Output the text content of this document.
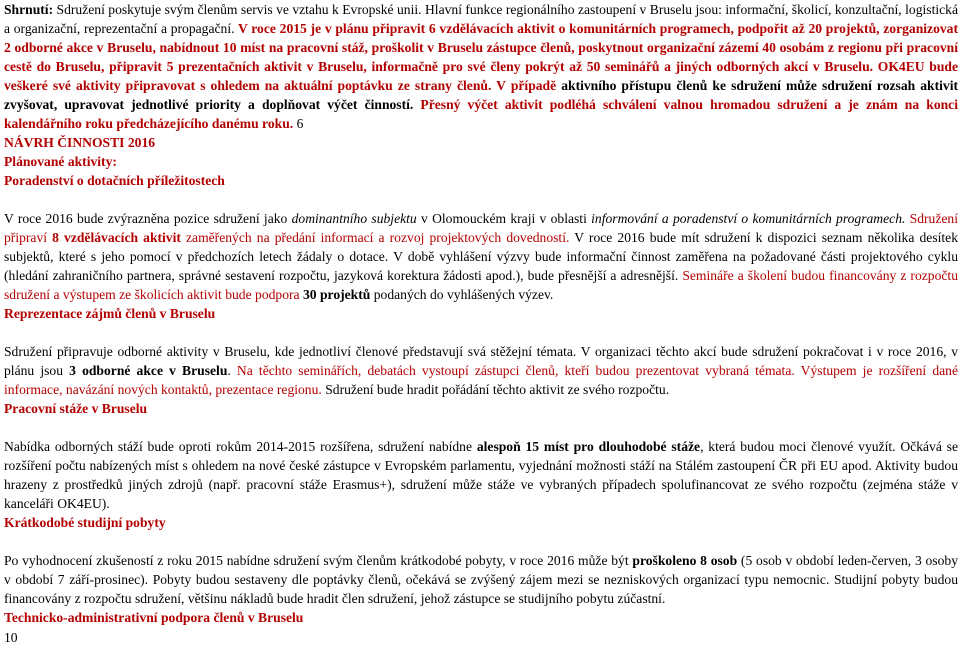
Shrnutí: Sdružení poskytuje svým členům servis ve vztahu k Evropské unii. Hlavní funkce regionálního zastoupení v Bruselu jsou: informační, školicí, konzultační, logistická a organizační, reprezentační a propagační. V roce 2015 je v plánu připravit 6 vzdělávacích aktivit o komunitárních programech, podpořit až 20 projektů, zorganizovat 2 odborné akce v Bruselu, nabídnout 10 míst na pracovní stáž, proškolit v Bruselu zástupce členů, poskytnout organizační zázemí 40 osobám z regionu při pracovní cestě do Bruselu, připravit 5 prezentačních aktivit v Bruselu, informačně pro své členy pokrýt až 50 seminářů a jiných odborných akcí v Bruselu. OK4EU bude veškeré své aktivity připravovat s ohledem na aktuální poptávku ze strany členů. V případě aktivního přístupu členů ke sdružení může sdružení rozsah aktivit zvyšovat, upravovat jednotlivé priority a doplňovat výčet činností. Přesný výčet aktivit podléhá schválení valnou hromadou sdružení a je znám na konci kalendářního roku předcházejícího danému roku. 6

NÁVRH ČINNOSTI 2016
Plánované aktivity:
Poradenství o dotačních příležitostech

V roce 2016 bude zvýrazněna pozice sdružení jako dominantního subjektu v Olomouckém kraji v oblasti informování a poradenství o komunitárních programech. Sdružení připraví 8 vzdělávacích aktivit zaměřených na předání informací a rozvoj projektových dovedností. V roce 2016 bude mít sdružení k dispozici seznam několika desítek subjektů, které s jeho pomocí v předchozích letech žádaly o dotace. V době vyhlášení výzvy bude informační činnost zaměřena na požadované části projektového cyklu (hledání zahraničního partnera, správné sestavení rozpočtu, jazyková korektura žádosti apod.), bude přesnější a adresnější. Semináře a školení budou financovány z rozpočtu sdružení a výstupem ze školicích aktivit bude podpora 30 projektů podaných do vyhlášených výzev.

Reprezentace zájmů členů v Bruselu

Sdružení připravuje odborné aktivity v Bruselu, kde jednotliví členové představují svá stěžejní témata. V organizaci těchto akcí bude sdružení pokračovat i v roce 2016, v plánu jsou 3 odborné akce v Bruselu. Na těchto seminářích, debatách vystoupí zástupci členů, kteří budou prezentovat vybraná témata. Výstupem je rozšíření dané informace, navázání nových kontaktů, prezentace regionu. Sdružení bude hradit pořádání těchto aktivit ze svého rozpočtu.

Pracovní stáže v Bruselu

Nabídka odborných stáží bude oproti rokům 2014-2015 rozšířena, sdružení nabídne alespoň 15 míst pro dlouhodobé stáže, která budou moci členové využít. Očkává se rozšíření počtu nabízených míst s ohledem na nové české zástupce v Evropském parlamentu, vyjednání možnosti stáží na Stálém zastoupení ČR při EU apod. Aktivity budou hrazeny z prostředků jiných zdrojů (např. pracovní stáže Erasmus+), sdružení může stáže ve vybraných případech spolufinancovat ze svého rozpočtu (zejména stáže v kanceláři OK4EU).

Krátkodobé studijní pobyty

Po vyhodnocení zkušeností z roku 2015 nabídne sdružení svým členům krátkodobé pobyty, v roce 2016 může být proškoleno 8 osob (5 osob v období leden-červen, 3 osoby v období 7 září-prosinec). Pobyty budou sestaveny dle poptávky členů, očekává se zvýšený zájem mezi se nezniskových organizací typu nemocnic. Studijní pobyty budou financovány z rozpočtu sdružení, většinu nákladů bude hradit člen sdružení, jehož zástupce se studijního pobytu zúčastní.

Technicko-administrativní podpora členů v Bruselu
10
